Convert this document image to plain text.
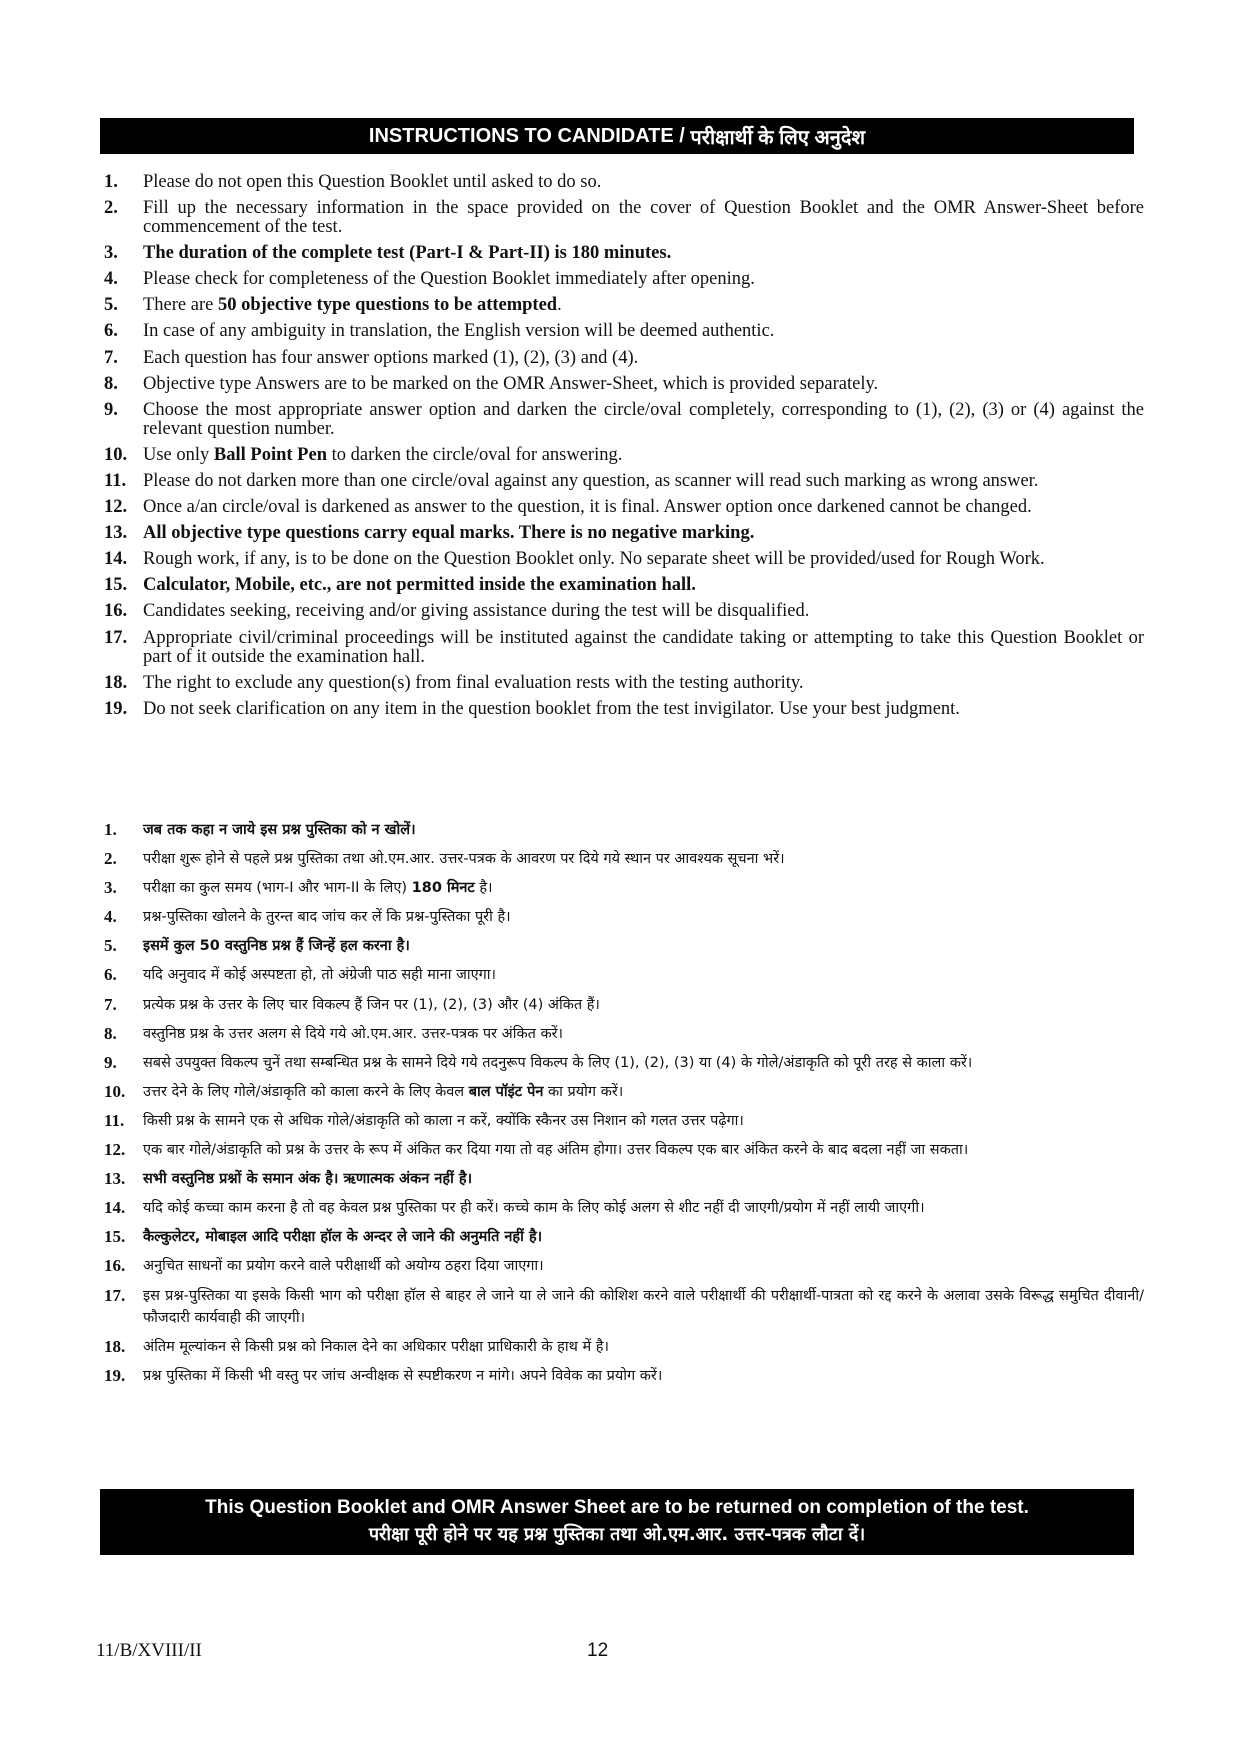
INSTRUCTIONS TO CANDIDATE /
परीक्षार्थी के लिए अनुदेश
1.	Please do not open this Question Booklet until asked to do so.
2.	Fill up the necessary information in the space provided on the cover of Question Booklet and the OMR Answer-Sheet before commencement of the test.
3.	The duration of the complete test (Part-I & Part-II) is 180 minutes.
4.	Please check for completeness of the Question Booklet immediately after opening.
5.	There are 50 objective type questions to be attempted.
6.	In case of any ambiguity in translation, the English version will be deemed authentic.
7.	Each question has four answer options marked (1), (2), (3) and (4).
8.	Objective type Answers are to be marked on the OMR Answer-Sheet, which is provided separately.
9.	Choose the most appropriate answer option and darken the circle/oval completely, corresponding to (1), (2), (3) or (4) against the relevant question number.
10. Use only Ball Point Pen to darken the circle/oval for answering.
11. Please do not darken more than one circle/oval against any question, as scanner will read such marking as wrong answer.
12. Once a/an circle/oval is darkened as answer to the question, it is final. Answer option once darkened cannot be changed.
13. All objective type questions carry equal marks. There is no negative marking.
14. Rough work, if any, is to be done on the Question Booklet only. No separate sheet will be provided/used for Rough Work.
15. Calculator, Mobile, etc., are not permitted inside the examination hall.
16. Candidates seeking, receiving and/or giving assistance during the test will be disqualified.
17. Appropriate civil/criminal proceedings will be instituted against the candidate taking or attempting to take this Question Booklet or part of it outside the examination hall.
18. The right to exclude any question(s) from final evaluation rests with the testing authority.
19. Do not seek clarification on any item in the question booklet from the test invigilator. Use your best judgment.
1.	जब तक कहा न जाये इस प्रश्न पुस्तिका को न खोलें।
2.	परीक्षा शुरू होने से पहले प्रश्न पुस्तिका तथा ओ.एम.आर. उत्तर-पत्रक के आवरण पर दिये गये स्थान पर आवश्यक सूचना भरें।
3.	परीक्षा का कुल समय (भाग-I और भाग-II के लिए) 180 मिनट है।
4.	प्रश्न-पुस्तिका खोलने के तुरन्त बाद जांच कर लें कि प्रश्न-पुस्तिका पूरी है।
5.	इसमें कुल 50 वस्तुनिष्ठ प्रश्न हैं जिन्हें हल करना है।
6.	यदि अनुवाद में कोई अस्पष्टता हो, तो अंग्रेजी पाठ सही माना जाएगा।
7.	प्रत्येक प्रश्न के उत्तर के लिए चार विकल्प हैं जिन पर (1), (2), (3) और (4) अंकित हैं।
8.	वस्तुनिष्ठ प्रश्न के उत्तर अलग से दिये गये ओ.एम.आर. उत्तर-पत्रक पर अंकित करें।
9.	सबसे उपयुक्त विकल्प चुनें तथा सम्बन्धित प्रश्न के सामने दिये गये तदनुरूप विकल्प के लिए (1), (2), (3) या (4) के गोले/अंडाकृति को पूरी तरह से काला करें।
10.	उत्तर देने के लिए गोले/अंडाकृति को काला करने के लिए केवल बाल पॉइंट पेन का प्रयोग करें।
11.	किसी प्रश्न के सामने एक से अधिक गोले/अंडाकृति को काला न करें, क्योंकि स्कैनर उस निशान को गलत उत्तर पढ़ेगा।
12.	एक बार गोले/अंडाकृति को प्रश्न के उत्तर के रूप में अंकित कर दिया गया तो वह अंतिम होगा। उत्तर विकल्प एक बार अंकित करने के बाद बदला नहीं जा सकता।
13.	सभी वस्तुनिष्ठ प्रश्नों के समान अंक है। ऋणात्मक अंकन नहीं है।
14.	यदि कोई कच्चा काम करना है तो वह केवल प्रश्न पुस्तिका पर ही करें। कच्चे काम के लिए कोई अलग से शीट नहीं दी जाएगी/प्रयोग में नहीं लायी जाएगी।
15.	कैल्कुलेटर, मोबाइल आदि परीक्षा हॉल के अन्दर ले जाने की अनुमति नहीं है।
16.	अनुचित साधनों का प्रयोग करने वाले परीक्षार्थी को अयोग्य ठहरा दिया जाएगा।
17.	इस प्रश्न-पुस्तिका या इसके किसी भाग को परीक्षा हॉल से बाहर ले जाने या ले जाने की कोशिश करने वाले परीक्षार्थी की परीक्षार्थी-पात्रता को रद्द करने के अलावा उसके विरूद्ध समुचित दीवानी/फौजदारी कार्यवाही की जाएगी।
18.	अंतिम मूल्यांकन से किसी प्रश्न को निकाल देने का अधिकार परीक्षा प्राधिकारी के हाथ में है।
19.	प्रश्न पुस्तिका में किसी भी वस्तु पर जांच अन्वीक्षक से स्पष्टीकरण न मांगे। अपने विवेक का प्रयोग करें।
This Question Booklet and OMR Answer Sheet are to be returned on completion of the test.
परीक्षा पूरी होने पर यह प्रश्न पुस्तिका तथा ओ.एम.आर. उत्तर-पत्रक लौटा दें।
11/B/XVIII/II	12
